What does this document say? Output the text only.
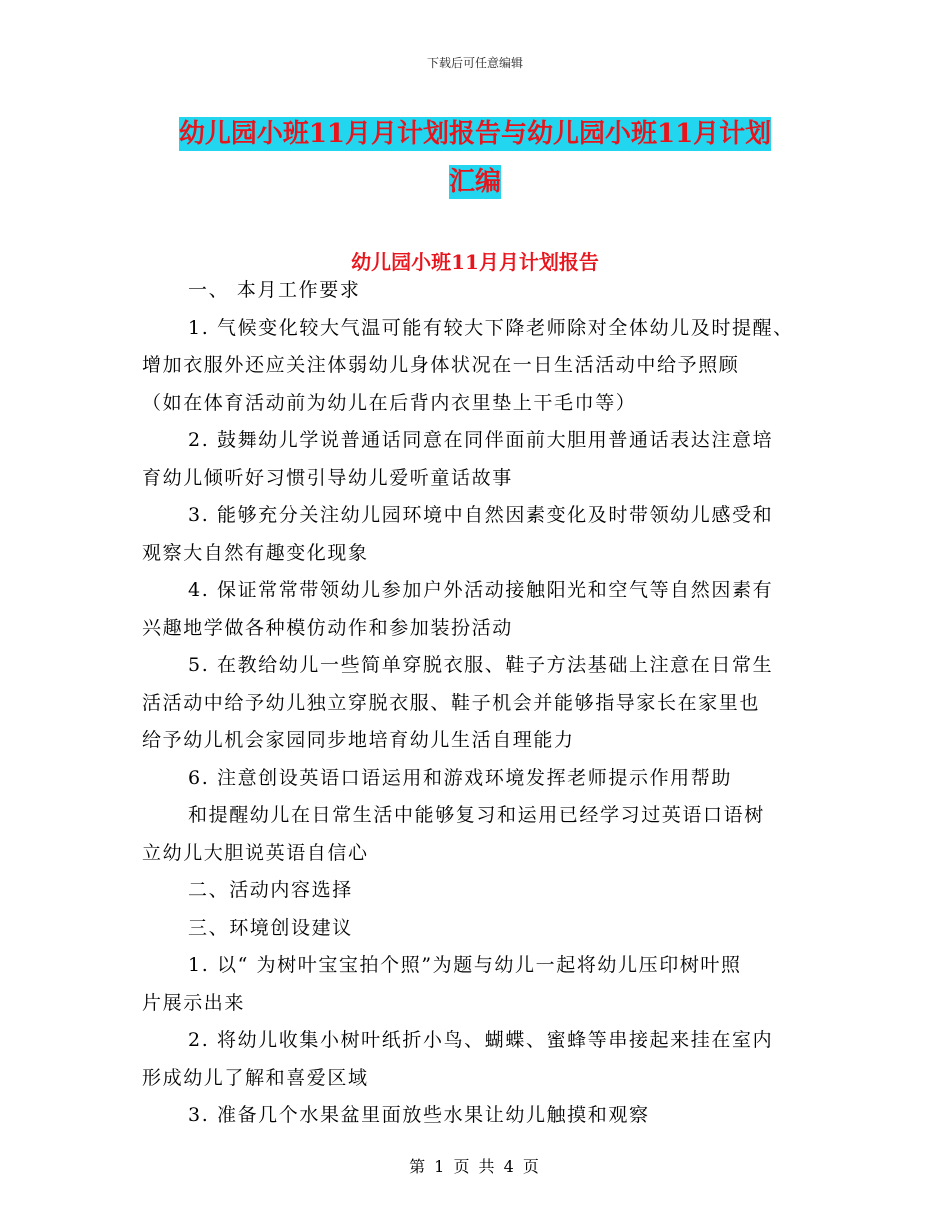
下载后可任意编辑
幼儿园小班11月月计划报告与幼儿园小班11月计划
汇编
幼儿园小班11月月计划报告
一、 本月工作要求
1. 气候变化较大气温可能有较大下降老师除对全体幼儿及时提醒、
增加衣服外还应关注体弱幼儿身体状况在一日生活活动中给予照顾
（如在体育活动前为幼儿在后背内衣里垫上干毛巾等）
2. 鼓舞幼儿学说普通话同意在同伴面前大胆用普通话表达注意培
育幼儿倾听好习惯引导幼儿爱听童话故事
3. 能够充分关注幼儿园环境中自然因素变化及时带领幼儿感受和
观察大自然有趣变化现象
4. 保证常常带领幼儿参加户外活动接触阳光和空气等自然因素有
兴趣地学做各种模仿动作和参加装扮活动
5. 在教给幼儿一些简单穿脱衣服、鞋子方法基础上注意在日常生
活活动中给予幼儿独立穿脱衣服、鞋子机会并能够指导家长在家里也
给予幼儿机会家园同步地培育幼儿生活自理能力
6. 注意创设英语口语运用和游戏环境发挥老师提示作用帮助
和提醒幼儿在日常生活中能够复习和运用已经学习过英语口语树
立幼儿大胆说英语自信心
二、活动内容选择
三、环境创设建议
1. 以“ 为树叶宝宝拍个照”为题与幼儿一起将幼儿压印树叶照
片展示出来
2. 将幼儿收集小树叶纸折小鸟、蝴蝶、蜜蜂等串接起来挂在室内
形成幼儿了解和喜爱区域
3. 准备几个水果盆里面放些水果让幼儿触摸和观察
第 1 页 共 4 页
